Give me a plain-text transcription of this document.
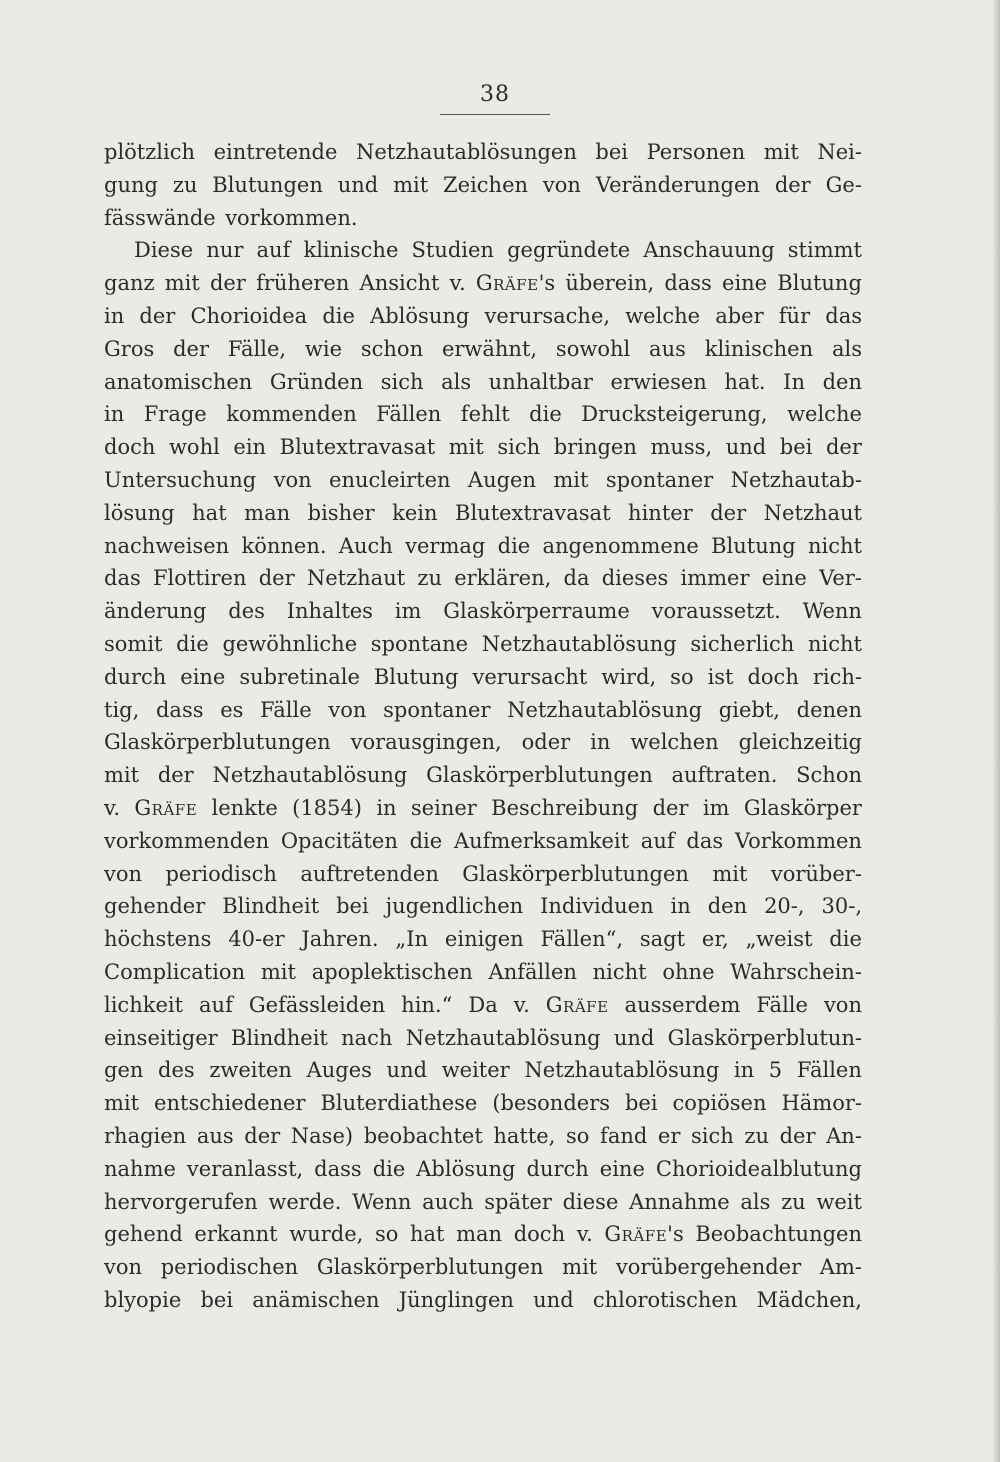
38
plötzlich eintretende Netzhautablösungen bei Personen mit Nei-
gung zu Blutungen und mit Zeichen von Veränderungen der Ge-
fässwände vorkommen.
Diese nur auf klinische Studien gegründete Anschauung stimmt
ganz mit der früheren Ansicht v. Gräfe's überein, dass eine Blutung
in der Chorioidea die Ablösung verursache, welche aber für das
Gros der Fälle, wie schon erwähnt, sowohl aus klinischen als
anatomischen Gründen sich als unhaltbar erwiesen hat. In den
in Frage kommenden Fällen fehlt die Drucksteigerung, welche
doch wohl ein Blutextravasat mit sich bringen muss, und bei der
Untersuchung von enucleirten Augen mit spontaner Netzhautab-
lösung hat man bisher kein Blutextravasat hinter der Netzhaut
nachweisen können. Auch vermag die angenommene Blutung nicht
das Flottiren der Netzhaut zu erklären, da dieses immer eine Ver-
änderung des Inhaltes im Glaskörperraume voraussetzt. Wenn
somit die gewöhnliche spontane Netzhautablösung sicherlich nicht
durch eine subretinale Blutung verursacht wird, so ist doch rich-
tig, dass es Fälle von spontaner Netzhautablösung giebt, denen
Glaskörperblutungen vorausgingen, oder in welchen gleichzeitig
mit der Netzhautablösung Glaskörperblutungen auftraten. Schon
v. Gräfe lenkte (1854) in seiner Beschreibung der im Glaskörper
vorkommenden Opacitäten die Aufmerksamkeit auf das Vorkommen
von periodisch auftretenden Glaskörperblutungen mit vorüber-
gehender Blindheit bei jugendlichen Individuen in den 20-, 30-,
höchstens 40-er Jahren. „In einigen Fällen“, sagt er, „weist die
Complication mit apoplektischen Anfällen nicht ohne Wahrschein-
lichkeit auf Gefässleiden hin.“ Da v. Gräfe ausserdem Fälle von
einseitiger Blindheit nach Netzhautablösung und Glaskörperblutun-
gen des zweiten Auges und weiter Netzhautablösung in 5 Fällen
mit entschiedener Bluterdiathese (besonders bei copiösen Hämor-
rhagien aus der Nase) beobachtet hatte, so fand er sich zu der An-
nahme veranlasst, dass die Ablösung durch eine Chorioidealblutung
hervorgerufen werde. Wenn auch später diese Annahme als zu weit
gehend erkannt wurde, so hat man doch v. Gräfe's Beobachtungen
von periodischen Glaskörperblutungen mit vorübergehender Am-
blyopie bei anämischen Jünglingen und chlorotischen Mädchen,
